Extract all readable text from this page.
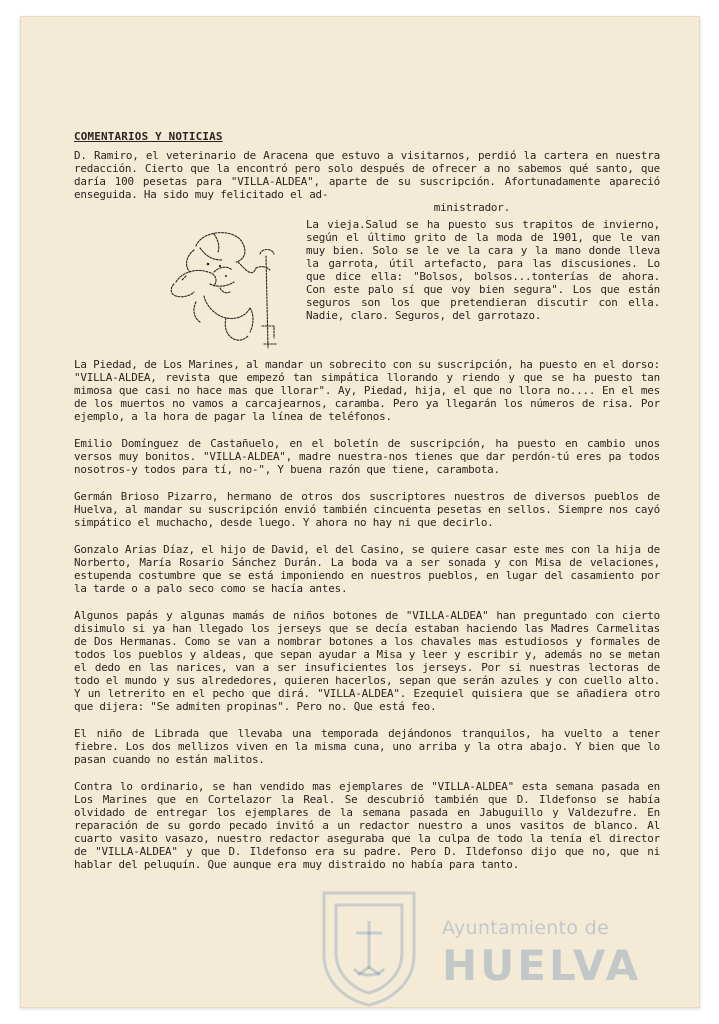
COMENTARIOS Y NOTICIAS

D. Ramiro, el veterinario de Aracena que estuvo a visitarnos, perdió la cartera en nuestra redacción. Cierto que la encontró pero solo después de ofrecer a no sabemos qué santo, que daría 100 pesetas para "VILLA-ALDEA", aparte de su suscripción. Afortunadamente apareció enseguida. Ha sido muy felicitado el ad-
ministrador.

La vieja.Salud se ha puesto sus trapitos de invierno, según el último grito de la moda de 1901, que le van muy bien. Solo se le ve la cara y la mano donde lleva la garrota, útil artefacto, para las discusiones. Lo que dice ella: "Bolsos, bolsos...tonterías de ahora. Con este palo sí que voy bien segura". Los que están seguros son los que pretendieran discutir con ella. Nadie, claro. Seguros, del garrotazo.

La Piedad, de Los Marines, al mandar un sobrecito con su suscripción, ha puesto en el dorso: "VILLA-ALDEA, revista que empezó tan simpática llorando y riendo y que se ha puesto tan mimosa que casi no hace mas que llorar". Ay, Piedad, hija, el que no llora no.... En el mes de los muertos no vamos a carcajearnos, caramba. Pero ya llegarán los números de risa. Por ejemplo, a la hora de pagar la línea de teléfonos.

Emilio Domínguez de Castañuelo, en el boletín de suscripción, ha puesto en cambio unos versos muy bonitos. "VILLA-ALDEA", madre nuestra-nos tienes que dar perdón-tú eres pa todos nosotros-y todos para tí, no-", Y buena razón que tiene, carambota.

Germán Brioso Pizarro, hermano de otros dos suscriptores nuestros de diversos pueblos de Huelva, al mandar su suscripción envió también cincuenta pesetas en sellos. Siempre nos cayó simpático el muchacho, desde luego. Y ahora no hay ni que decirlo.

Gonzalo Arias Díaz, el hijo de David, el del Casino, se quiere casar este mes con la hija de Norberto, María Rosario Sánchez Durán. La boda va a ser sonada y con Misa de velaciones, estupenda costumbre que se está imponiendo en nuestros pueblos, en lugar del casamiento por la tarde o a palo seco como se hacía antes.

Algunos papás y algunas mamás de niños botones de "VILLA-ALDEA" han preguntado con cierto disimulo si ya han llegado los jerseys que se decía estaban haciendo las Madres Carmelitas de Dos Hermanas. Como se van a nombrar botones a los chavales mas estudiosos y formales de todos los pueblos y aldeas, que sepan ayudar a Misa y leer y escribir y, además no se metan el dedo en las narices, van a ser insuficientes los jerseys. Por si nuestras lectoras de todo el mundo y sus alrededores, quieren hacerlos, sepan que serán azules y con cuello alto. Y un letrerito en el pecho que dirá. "VILLA-ALDEA". Ezequiel quisiera que se añadiera otro que dijera: "Se admiten propinas". Pero no. Que está feo.

El niño de Librada que llevaba una temporada dejándonos tranquilos, ha vuelto a tener fiebre. Los dos mellizos viven en la misma cuna, uno arriba y la otra abajo. Y bien que lo pasan cuando no están malitos.

Contra lo ordinario, se han vendido mas ejemplares de "VILLA-ALDEA" esta semana pasada en Los Marines que en Cortelazor la Real. Se descubrió también que D. Ildefonso se había olvidado de entregar los ejemplares de la semana pasada en Jabuguillo y Valdezufre. En reparación de su gordo pecado invitó a un redactor nuestro a unos vasitos de blanco. Al cuarto vasito vasazo, nuestro redactor aseguraba que la culpa de todo la tenía el director de "VILLA-ALDEA" y que D. Ildefonso era su padre. Pero D. Ildefonso dijo que no, que ni hablar del peluquín. Que aunque era muy distraido no había para tanto.

Ayuntamiento de
HUELVA
